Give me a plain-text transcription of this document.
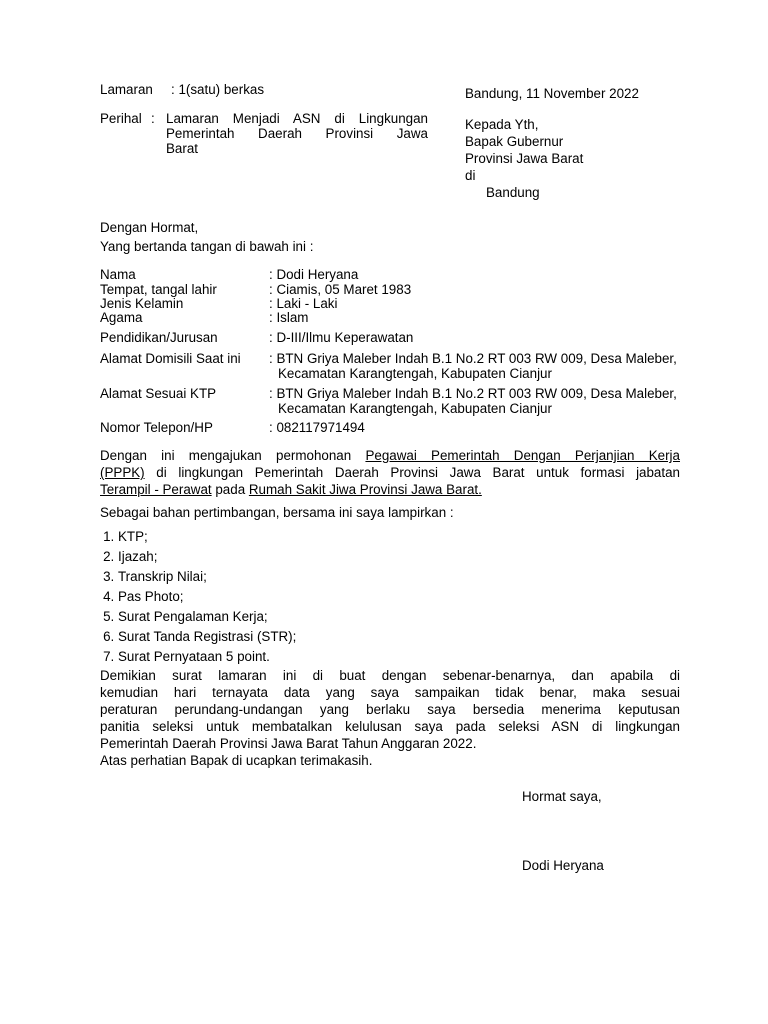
Lamaran : 1(satu) berkas
Perihal : Lamaran Menjadi ASN di Lingkungan
Pemerintah Daerah Provinsi Jawa
Barat
Bandung, 11 November 2022
Kepada Yth,
Bapak Gubernur
Provinsi Jawa Barat
di
Bandung
Dengan Hormat,
Yang bertanda tangan di bawah ini :
Nama	: Dodi Heryana
Tempat, tangal lahir	: Ciamis, 05 Maret 1983
Jenis Kelamin	: Laki - Laki
Agama	: Islam
Pendidikan/Jurusan	: D-III/Ilmu Keperawatan
Alamat Domisili Saat ini : BTN Griya Maleber Indah B.1 No.2 RT 003 RW 009, Desa Maleber, Kecamatan Karangtengah, Kabupaten Cianjur
Alamat Sesuai KTP	: BTN Griya Maleber Indah B.1 No.2 RT 003 RW 009, Desa Maleber, Kecamatan Karangtengah, Kabupaten Cianjur
Nomor Telepon/HP	: 082117971494
Dengan ini mengajukan permohonan Pegawai Pemerintah Dengan Perjanjian Kerja
(PPPK) di lingkungan Pemerintah Daerah Provinsi Jawa Barat untuk formasi jabatan
Terampil - Perawat pada Rumah Sakit Jiwa Provinsi Jawa Barat.
Sebagai bahan pertimbangan, bersama ini saya lampirkan :
1. KTP;
2. Ijazah;
3. Transkrip Nilai;
4. Pas Photo;
5. Surat Pengalaman Kerja;
6. Surat Tanda Registrasi (STR);
7. Surat Pernyataan 5 point.
Demikian surat lamaran ini di buat dengan sebenar-benarnya, dan apabila di
kemudian hari ternayata data yang saya sampaikan tidak benar, maka sesuai
peraturan perundang-undangan yang berlaku saya bersedia menerima keputusan
panitia seleksi untuk membatalkan kelulusan saya pada seleksi ASN di lingkungan
Pemerintah Daerah Provinsi Jawa Barat Tahun Anggaran 2022.
Atas perhatian Bapak di ucapkan terimakasih.
Hormat saya,
Dodi Heryana
